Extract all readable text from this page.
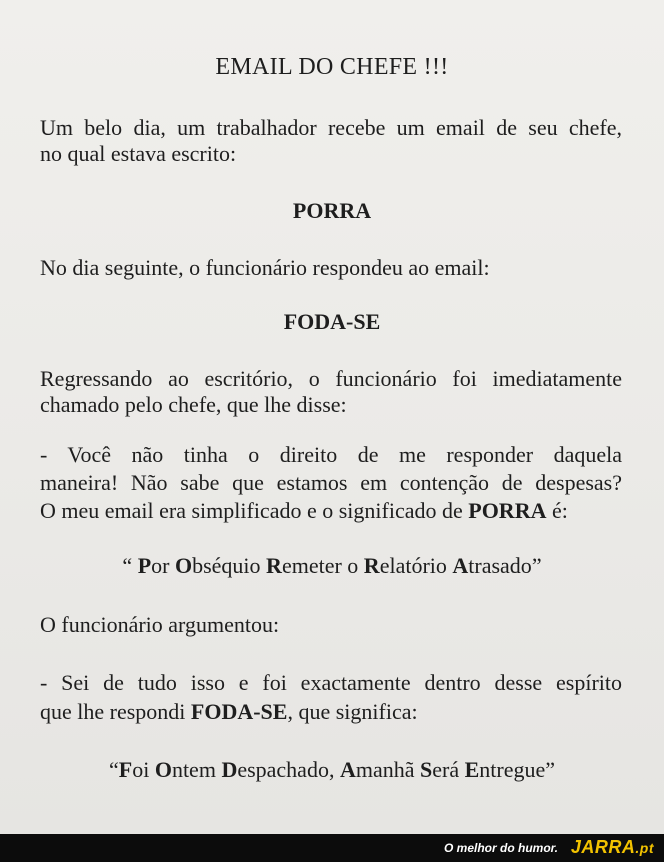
EMAIL DO CHEFE !!!

Um belo dia, um trabalhador recebe um email de seu chefe,

no qual estava escrito:

PORRA

No dia seguinte, o funcionário respondeu ao email:

FODA-SE

Regressando ao escritório, o funcionário foi imediatamente

chamado pelo chefe, que lhe disse:

- Você não tinha o direito de me responder daquela

maneira! Não sabe que estamos em contenção de despesas?

O meu email era simplificado e o significado de PORRA é:

“ Por Obséquio Remeter o Relatório Atrasado”

O funcionário argumentou:

- Sei de tudo isso e foi exactamente dentro desse espírito

que lhe respondi FODA-SE, que significa:

“Foi Ontem Despachado, Amanhã Será Entregue”

O melhor do humor. JARRA.pt
